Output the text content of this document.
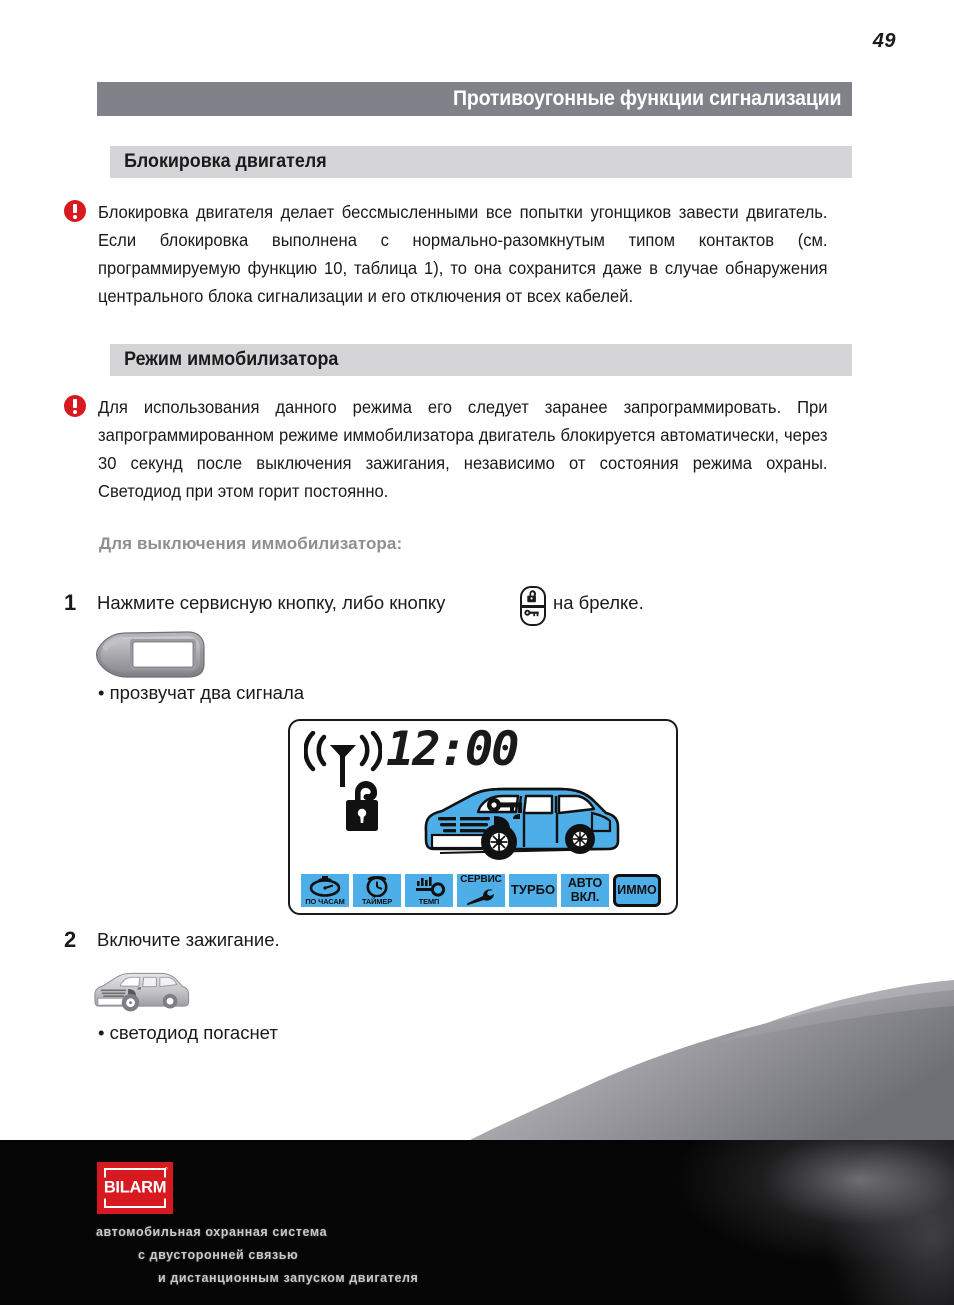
49
Противоугонные функции сигнализации
Блокировка двигателя
Блокировка двигателя делает бессмысленными все попытки угонщиков завести двигатель. Если блокировка выполнена с нормально-разомкнутым типом контактов (см. программируемую функцию 10, таблица 1), то она сохранится даже в случае обнаружения центрального блока сигнализации и его отключения от всех кабелей.
Режим иммобилизатора
Для использования данного режима его следует заранее запрограммировать. При запрограммированном режиме иммобилизатора двигатель блокируется автоматически, через 30 секунд после выключения зажигания, независимо от состояния режима охраны. Светодиод при этом горит постоянно.
Для выключения иммобилизатора:
1 Нажмите сервисную кнопку, либо кнопку	на брелке.
• прозвучат два сигнала
12:00
ПО ЧАСАМ ТАЙМЕР	ТЕМП
СЕРВИС
ТУРБО АВТО
ВКЛ. ИММО
2 Включите зажигание.
• светодиод погаснет
BILARM
°
автомобильная охранная система
с двусторонней связью
и дистанционным запуском двигателя
